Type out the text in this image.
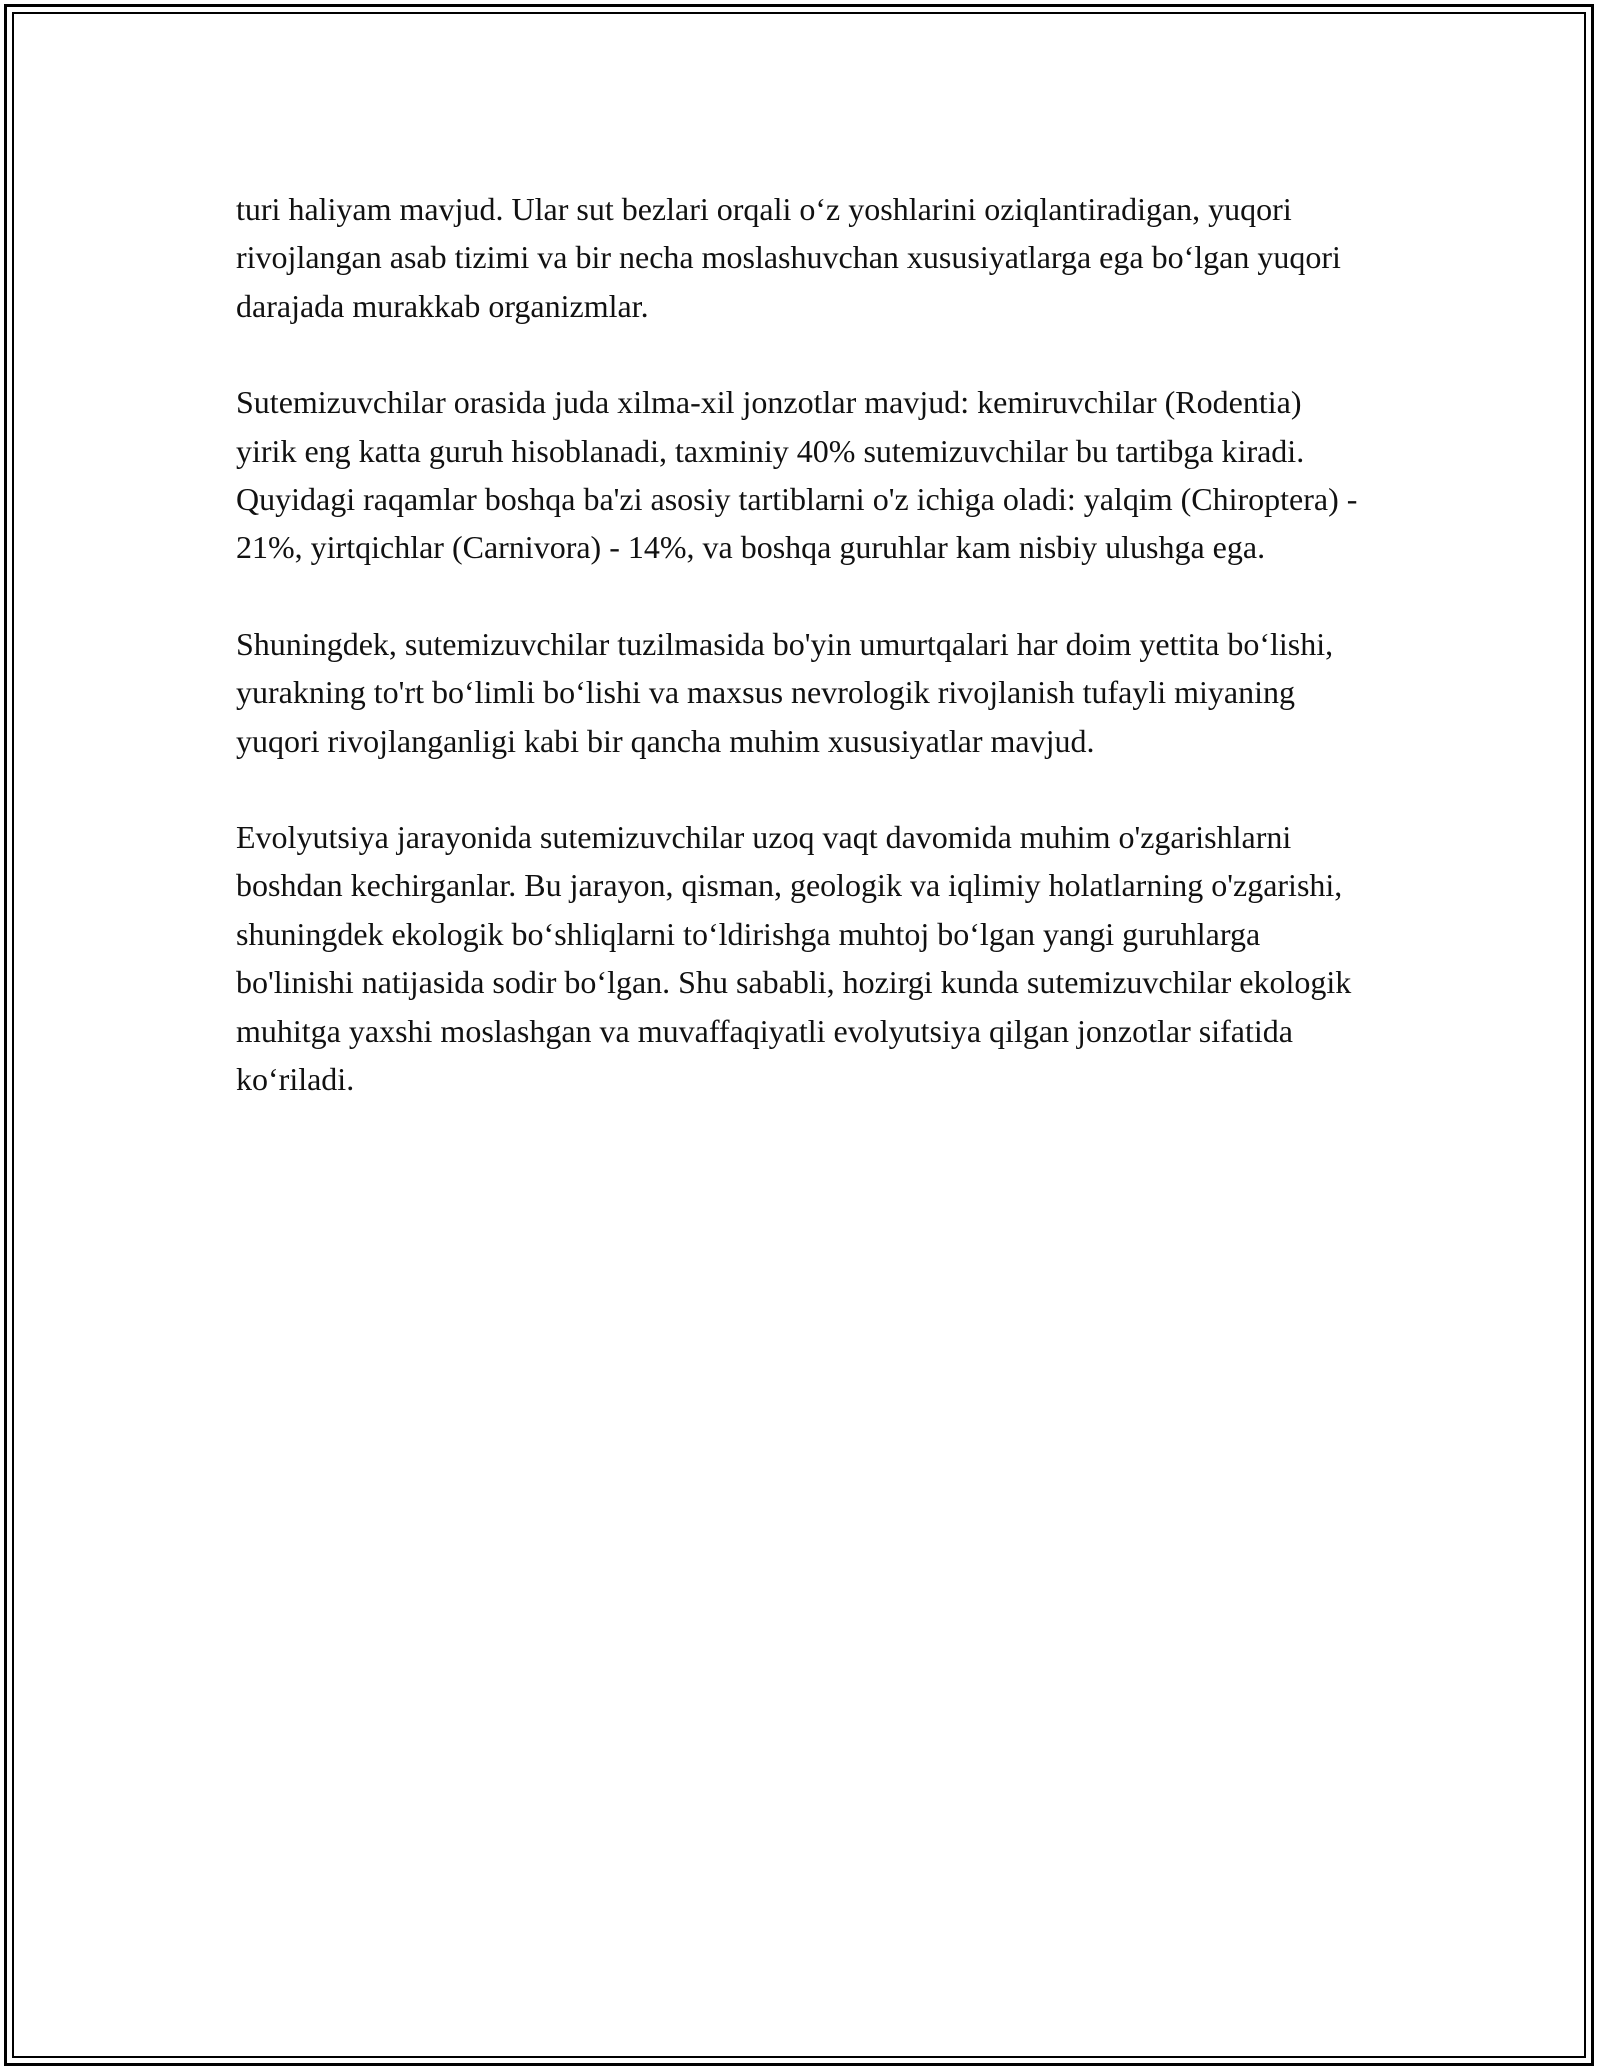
turi haliyam mavjud. Ular sut bezlari orqali o‘z yoshlarini oziqlantiradigan, yuqori rivojlangan asab tizimi va bir necha moslashuvchan xususiyatlarga ega bo‘lgan yuqori darajada murakkab organizmlar.

Sutemizuvchilar orasida juda xilma-xil jonzotlar mavjud: kemiruvchilar (Rodentia) yirik eng katta guruh hisoblanadi, taxminiy 40% sutemizuvchilar bu tartibga kiradi. Quyidagi raqamlar boshqa ba'zi asosiy tartiblarni o'z ichiga oladi: yalqim (Chiroptera) - 21%, yirtqichlar (Carnivora) - 14%, va boshqa guruhlar kam nisbiy ulushga ega.

Shuningdek, sutemizuvchilar tuzilmasida bo'yin umurtqalari har doim yettita bo‘lishi, yurakning to'rt bo‘limli bo‘lishi va maxsus nevrologik rivojlanish tufayli miyaning yuqori rivojlanganligi kabi bir qancha muhim xususiyatlar mavjud.

Evolyutsiya jarayonida sutemizuvchilar uzoq vaqt davomida muhim o'zgarishlarni boshdan kechirganlar. Bu jarayon, qisman, geologik va iqlimiy holatlarning o'zgarishi, shuningdek ekologik bo‘shliqlarni to‘ldirishga muhtoj bo‘lgan yangi guruhlarga bo'linishi natijasida sodir bo‘lgan. Shu sababli, hozirgi kunda sutemizuvchilar ekologik muhitga yaxshi moslashgan va muvaffaqiyatli evolyutsiya qilgan jonzotlar sifatida ko‘riladi.
